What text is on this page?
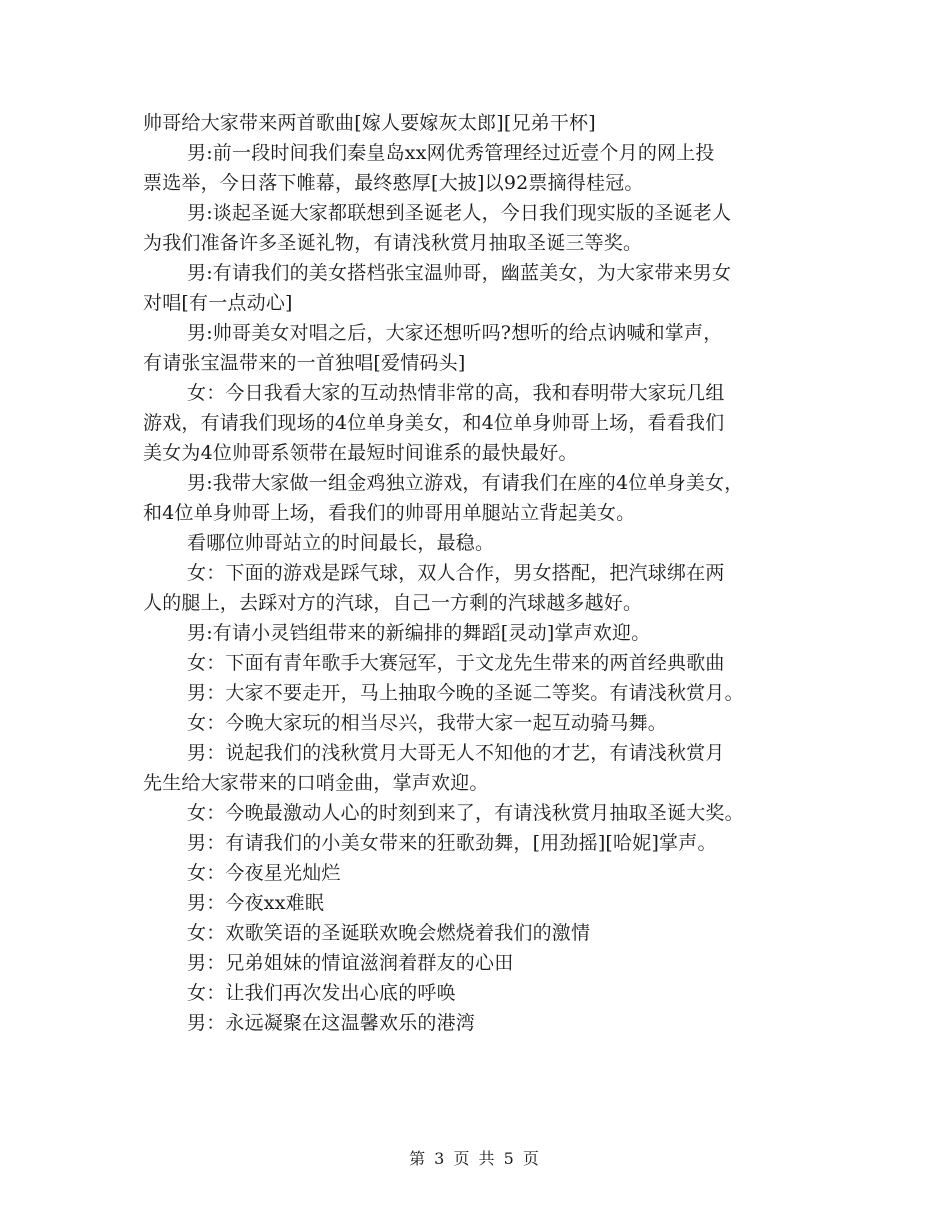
帅哥给大家带来两首歌曲[嫁人要嫁灰太郎][兄弟干杯]
男:前一段时间我们秦皇岛xx网优秀管理经过近壹个月的网上投
票选举，今日落下帷幕，最终憨厚[大披]以92票摘得桂冠。
男:谈起圣诞大家都联想到圣诞老人，今日我们现实版的圣诞老人
为我们准备许多圣诞礼物，有请浅秋赏月抽取圣诞三等奖。
男:有请我们的美女搭档张宝温帅哥，幽蓝美女，为大家带来男女
对唱[有一点动心]
男:帅哥美女对唱之后，大家还想听吗?想听的给点讷喊和掌声，
有请张宝温带来的一首独唱[爱情码头]
女：今日我看大家的互动热情非常的高，我和春明带大家玩几组
游戏，有请我们现场的4位单身美女，和4位单身帅哥上场，看看我们
美女为4位帅哥系领带在最短时间谁系的最快最好。
男:我带大家做一组金鸡独立游戏，有请我们在座的4位单身美女，
和4位单身帅哥上场，看我们的帅哥用单腿站立背起美女。
看哪位帅哥站立的时间最长，最稳。
女：下面的游戏是踩气球，双人合作，男女搭配，把汽球绑在两
人的腿上，去踩对方的汽球，自己一方剩的汽球越多越好。
男:有请小灵铛组带来的新编排的舞蹈[灵动]掌声欢迎。
女：下面有青年歌手大赛冠军，于文龙先生带来的两首经典歌曲
男：大家不要走开，马上抽取今晚的圣诞二等奖。有请浅秋赏月。
女：今晚大家玩的相当尽兴，我带大家一起互动骑马舞。
男：说起我们的浅秋赏月大哥无人不知他的才艺，有请浅秋赏月
先生给大家带来的口哨金曲，掌声欢迎。
女：今晚最激动人心的时刻到来了，有请浅秋赏月抽取圣诞大奖。
男：有请我们的小美女带来的狂歌劲舞，[用劲摇][哈妮]掌声。
女：今夜星光灿烂
男：今夜xx难眠
女：欢歌笑语的圣诞联欢晚会燃烧着我们的激情
男：兄弟姐妹的情谊滋润着群友的心田
女：让我们再次发出心底的呼唤
男：永远凝聚在这温馨欢乐的港湾
第 3 页 共 5 页
